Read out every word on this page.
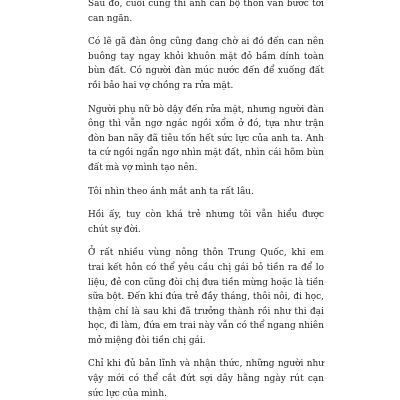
Sau đó, cuối cùng thì anh cán bộ thôn vẫn bước tới can ngăn.

Có lẽ gã đàn ông cũng đang chờ ai đó đến can nên buông tay ngay khỏi khuôn mặt đỏ bầm dính toàn bùn đất. Có người đàn múc nước đến để xuống đất rồi bảo hai vợ chồng ra rửa mặt.

Người phụ nữ bò dậy đến rửa mặt, nhưng người đàn ông thì vẫn ngơ ngác ngồi xổm ở đó, tựa như trận đòn ban nãy đã tiêu tốn hết sức lực của anh ta. Anh ta cứ ngồi ngẩn ngơ nhìn mặt đất, nhìn cái hõm bùn đất mà vợ mình tạo nên.

Tôi nhìn theo ánh mắt anh ta rất lâu.

Hồi ấy, tuy còn khá trẻ nhưng tôi vẫn hiểu được chút sự đời.

Ở rất nhiều vùng nông thôn Trung Quốc, khi em trai kết hôn có thể yêu cầu chị gái bỏ tiền ra để lo liệu, đẻ con cũng đòi chị đưa tiền mừng hoặc là tiền sữa bột. Đến khi đứa trẻ đầy tháng, thôi nôi, đi học, thậm chí là sau khi đã trưởng thành rồi như thi đại học, đi làm, đứa em trai này vẫn có thể ngang nhiên mở miệng đòi tiền chị gái.

Chỉ khi đủ bản lĩnh và nhận thức, những người như vậy mới có thể cắt đứt sợi dây hằng ngày rút cạn sức lực của mình.
